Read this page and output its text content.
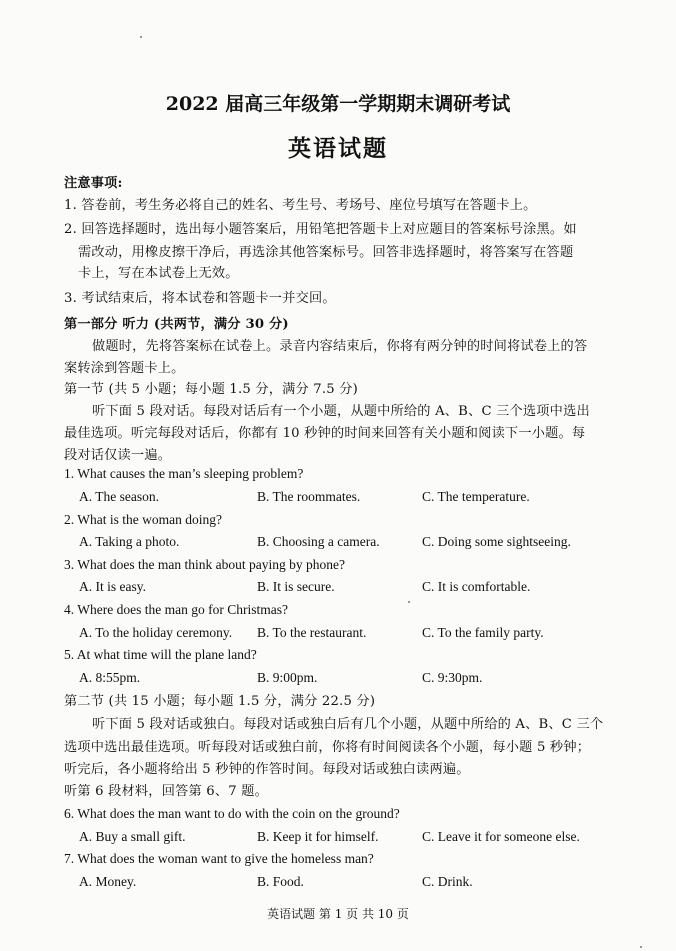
2022 届高三年级第一学期期末调研考试
英语试题
注意事项:
1. 答卷前，考生务必将自己的姓名、考生号、考场号、座位号填写在答题卡上。
2. 回答选择题时，选出每小题答案后，用铅笔把答题卡上对应题目的答案标号涂黑。如
需改动，用橡皮擦干净后，再选涂其他答案标号。回答非选择题时，将答案写在答题
卡上，写在本试卷上无效。
3. 考试结束后，将本试卷和答题卡一并交回。
第一部分 听力 (共两节，满分 30 分)
做题时，先将答案标在试卷上。录音内容结束后，你将有两分钟的时间将试卷上的答
案转涂到答题卡上。
第一节 (共 5 小题；每小题 1.5 分，满分 7.5 分)
听下面 5 段对话。每段对话后有一个小题，从题中所给的 A、B、C 三个选项中选出
最佳选项。听完每段对话后，你都有 10 秒钟的时间来回答有关小题和阅读下一小题。每
段对话仅读一遍。
1. What causes the man’s sleeping problem?
A. The season.	B. The roommates.	C. The temperature.
2. What is the woman doing?
A. Taking a photo.	B. Choosing a camera.	C. Doing some sightseeing.
3. What does the man think about paying by phone?
A. It is easy.	B. It is secure.	C. It is comfortable.
4. Where does the man go for Christmas?
A. To the holiday ceremony. B. To the restaurant.	C. To the family party.
5. At what time will the plane land?
A. 8:55pm.	B. 9:00pm.	C. 9:30pm.
第二节 (共 15 小题；每小题 1.5 分，满分 22.5 分)
听下面 5 段对话或独白。每段对话或独白后有几个小题，从题中所给的 A、B、C 三个
选项中选出最佳选项。听每段对话或独白前，你将有时间阅读各个小题，每小题 5 秒钟；
听完后，各小题将给出 5 秒钟的作答时间。每段对话或独白读两遍。
听第 6 段材料，回答第 6、7 题。
6. What does the man want to do with the coin on the ground?
A. Buy a small gift.	B. Keep it for himself.	C. Leave it for someone else.
7. What does the woman want to give the homeless man?
A. Money.	B. Food.	C. Drink.
英语试题 第 1 页 共 10 页
